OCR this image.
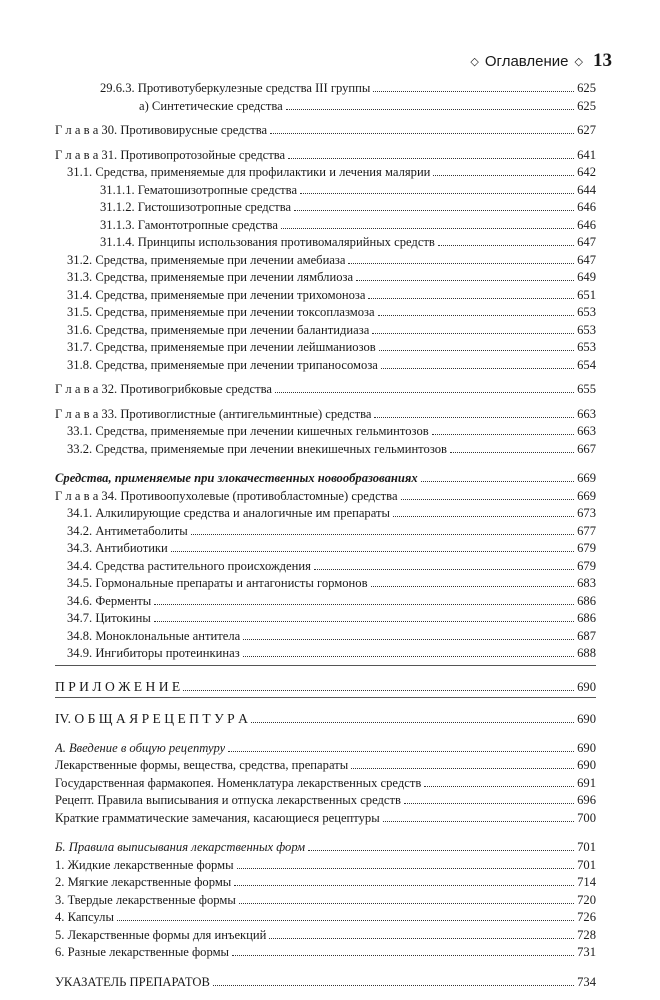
◇ Оглавление ◇ 13
29.6.3. Противотуберкулезные средства III группы	625
а) Синтетические средства	625
Г л а в а 30. Противовирусные средства	627
Г л а в а 31. Противопротозойные средства	641
31.1. Средства, применяемые для профилактики и лечения малярии	642
31.1.1. Гематошизотропные средства	644
31.1.2. Гистошизотропные средства	646
31.1.3. Гамонтотропные средства	646
31.1.4. Принципы использования противомалярийных средств	647
31.2. Средства, применяемые при лечении амебиаза	647
31.3. Средства, применяемые при лечении лямблиоза	649
31.4. Средства, применяемые при лечении трихомоноза	651
31.5. Средства, применяемые при лечении токсоплазмоза	653
31.6. Средства, применяемые при лечении балантидиаза	653
31.7. Средства, применяемые при лечении лейшманиозов	653
31.8. Средства, применяемые при лечении трипаносомоза	654
Г л а в а 32. Противогрибковые средства	655
Г л а в а 33. Противоглистные (антигельминтные) средства	663
33.1. Средства, применяемые при лечении кишечных гельминтозов	663
33.2. Средства, применяемые при лечении внекишечных гельминтозов	667
Средства, применяемые при злокачественных новообразованиях	669
Г л а в а 34. Противоопухолевые (противобластомные) средства	669
34.1. Алкилирующие средства и аналогичные им препараты	673
34.2. Антиметаболиты	677
34.3. Антибиотики	679
34.4. Средства растительного происхождения	679
34.5. Гормональные препараты и антагонисты гормонов	683
34.6. Ферменты	686
34.7. Цитокины	686
34.8. Моноклональные антитела	687
34.9. Ингибиторы протеинкиназ	688
П Р И Л О Ж Е Н И Е	690
IV. О Б Щ А Я Р Е Ц Е П Т У Р А	690
А. Введение в общую рецептуру	690
Лекарственные формы, вещества, средства, препараты	690
Государственная фармакопея. Номенклатура лекарственных средств	691
Рецепт. Правила выписывания и отпуска лекарственных средств	696
Краткие грамматические замечания, касающиеся рецептуры	700
Б. Правила выписывания лекарственных форм	701
1. Жидкие лекарственные формы	701
2. Мягкие лекарственные формы	714
3. Твердые лекарственные формы	720
4. Капсулы	726
5. Лекарственные формы для инъекций	728
6. Разные лекарственные формы	731
УКАЗАТЕЛЬ ПРЕПАРАТОВ	734
